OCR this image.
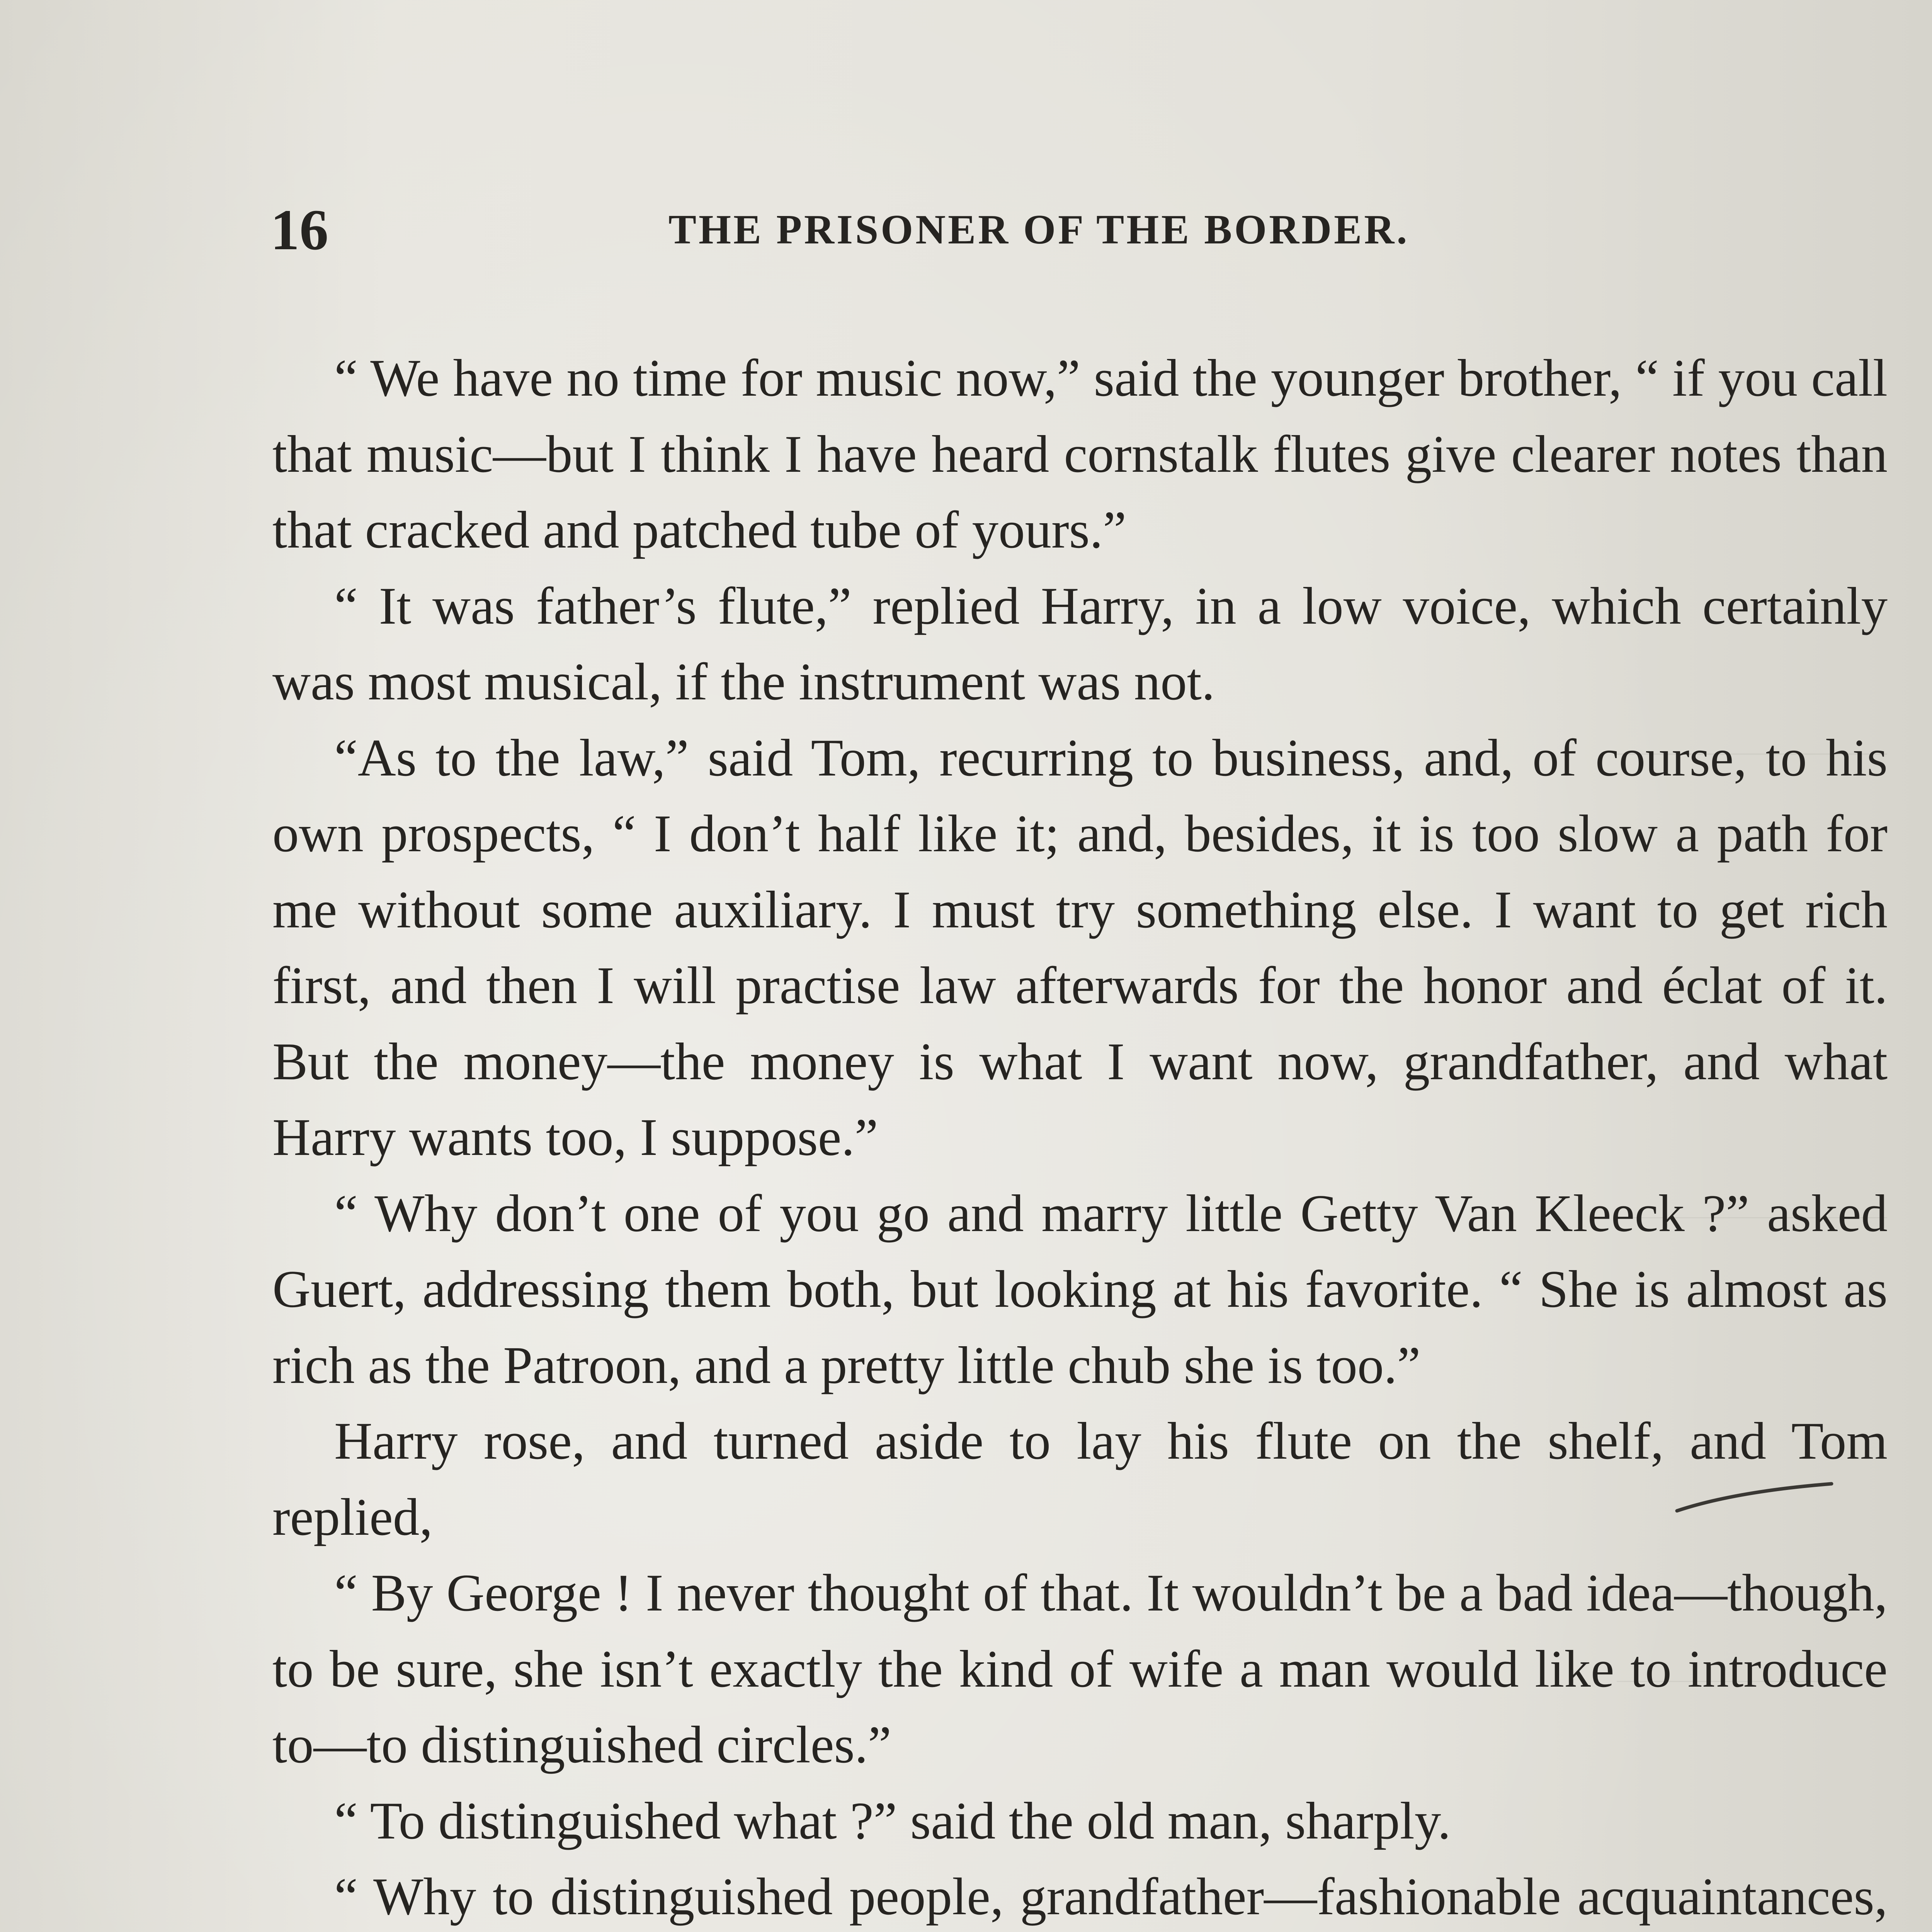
16	THE PRISONER OF THE BORDER.

“ We have no time for music now,” said the younger brother, “ if you call that music—but I think I have heard cornstalk flutes give clearer notes than that cracked and patched tube of yours.”

“ It was father’s flute,” replied Harry, in a low voice, which certainly was most musical, if the instrument was not.

“As to the law,” said Tom, recurring to business, and, of course, to his own prospects, “ I don’t half like it; and, besides, it is too slow a path for me without some auxiliary. I must try something else. I want to get rich first, and then I will practise law afterwards for the honor and éclat of it. But the money—the money is what I want now, grandfather, and what Harry wants too, I suppose.”

“ Why don’t one of you go and marry little Getty Van Kleeck ?” asked Guert, addressing them both, but looking at his favorite. “ She is almost as rich as the Patroon, and a pretty little chub she is too.”

Harry rose, and turned aside to lay his flute on the shelf, and Tom replied,

“ By George ! I never thought of that. It wouldn’t be a bad idea—though, to be sure, she isn’t exactly the kind of wife a man would like to introduce to—to distinguished circles.”

“ To distinguished what ?” said the old man, sharply.

“ Why to distinguished people, grandfather—fashionable acquaintances,
